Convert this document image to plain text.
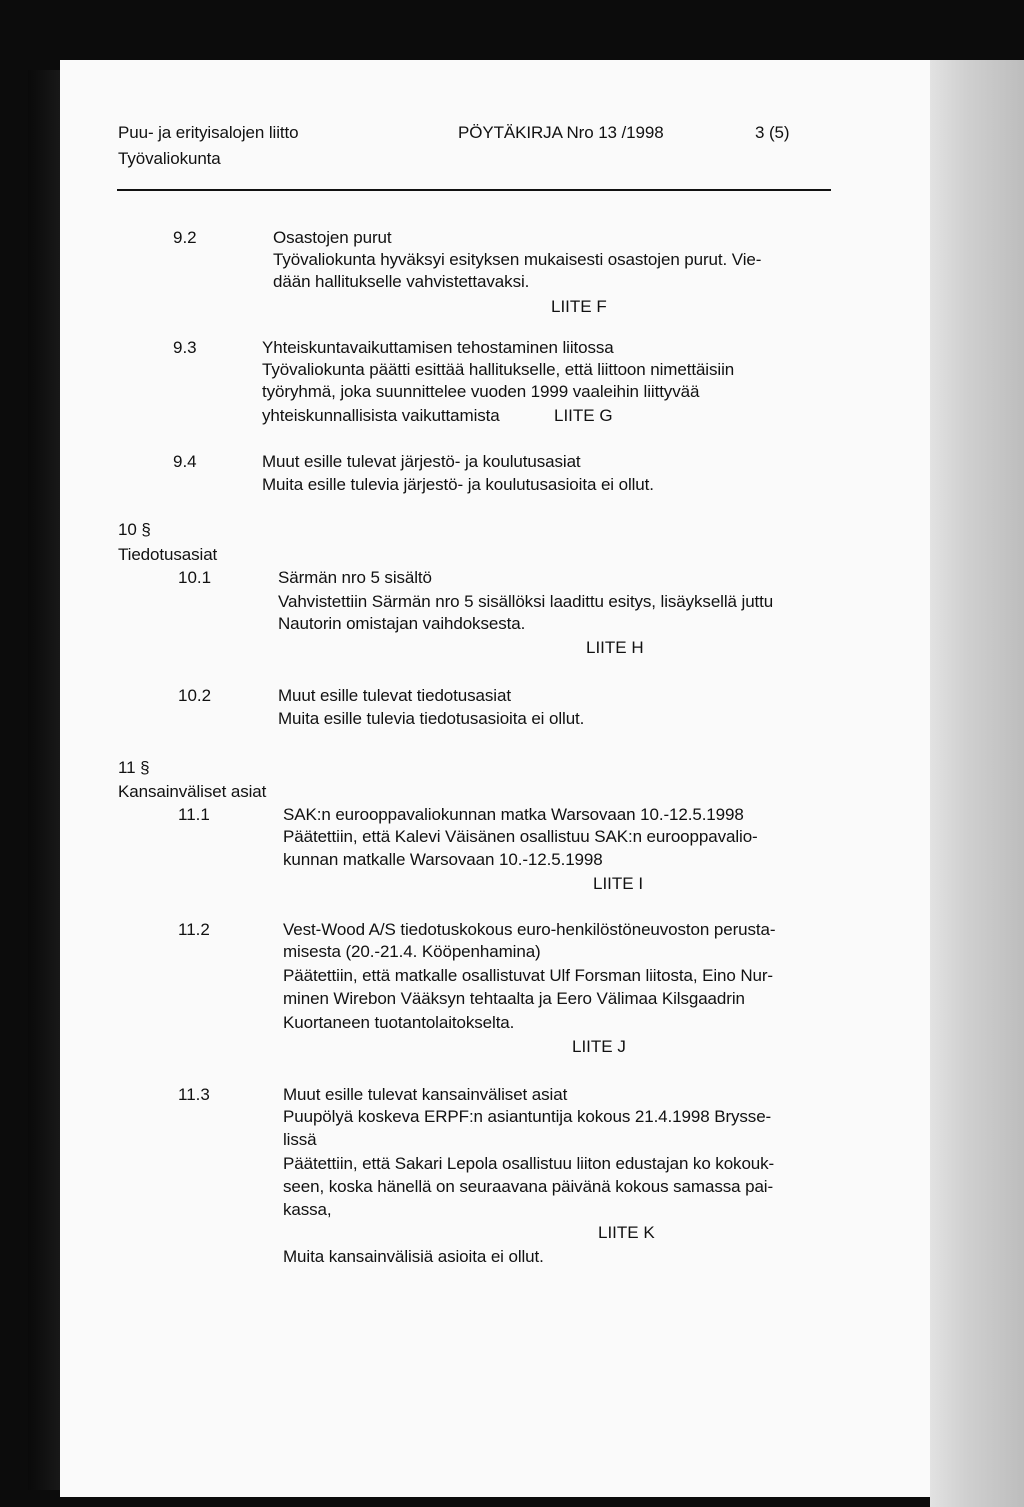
Puu- ja erityisalojen liitto
Työvaliokunta
PÖYTÄKIRJA Nro 13 /1998	3 (5)
9.2	Osastojen purut
Työvaliokunta hyväksyi esityksen mukaisesti osastojen purut. Vie-
dään hallitukselle vahvistettavaksi.
LIITE F
9.3	Yhteiskuntavaikuttamisen tehostaminen liitossa
Työvaliokunta päätti esittää hallitukselle, että liittoon nimettäisiin
työryhmä, joka suunnittelee vuoden 1999 vaaleihin liittyvää
yhteiskunnallisista vaikuttamista	LIITE G
9.4	Muut esille tulevat järjestö- ja koulutusasiat
Muita esille tulevia järjestö- ja koulutusasioita ei ollut.
10 §
Tiedotusasiat
10.1	Särmän nro 5 sisältö
Vahvistettiin Särmän nro 5 sisällöksi laadittu esitys, lisäyksellä juttu
Nautorin omistajan vaihdoksesta.
LIITE H
10.2	Muut esille tulevat tiedotusasiat
Muita esille tulevia tiedotusasioita ei ollut.
11 §
Kansainväliset asiat
11.1	SAK:n eurooppavaliokunnan matka Warsovaan 10.-12.5.1998
Päätettiin, että Kalevi Väisänen osallistuu SAK:n eurooppavalio-
kunnan matkalle Warsovaan 10.-12.5.1998
LIITE I
11.2	Vest-Wood A/S tiedotuskokous euro-henkilöstöneuvoston perusta-
misesta (20.-21.4. Kööpenhamina)
Päätettiin, että matkalle osallistuvat Ulf Forsman liitosta, Eino Nur-
minen Wirebon Vääksyn tehtaalta ja Eero Välimaa Kilsgaadrin
Kuortaneen tuotantolaitokselta.
LIITE J
11.3	Muut esille tulevat kansainväliset asiat
Puupölyä koskeva ERPF:n asiantuntija kokous 21.4.1998 Brysse-
lissä
Päätettiin, että Sakari Lepola osallistuu liiton edustajan ko kokouk-
seen, koska hänellä on seuraavana päivänä kokous samassa pai-
kassa,
LIITE K
Muita kansainvälisiä asioita ei ollut.
